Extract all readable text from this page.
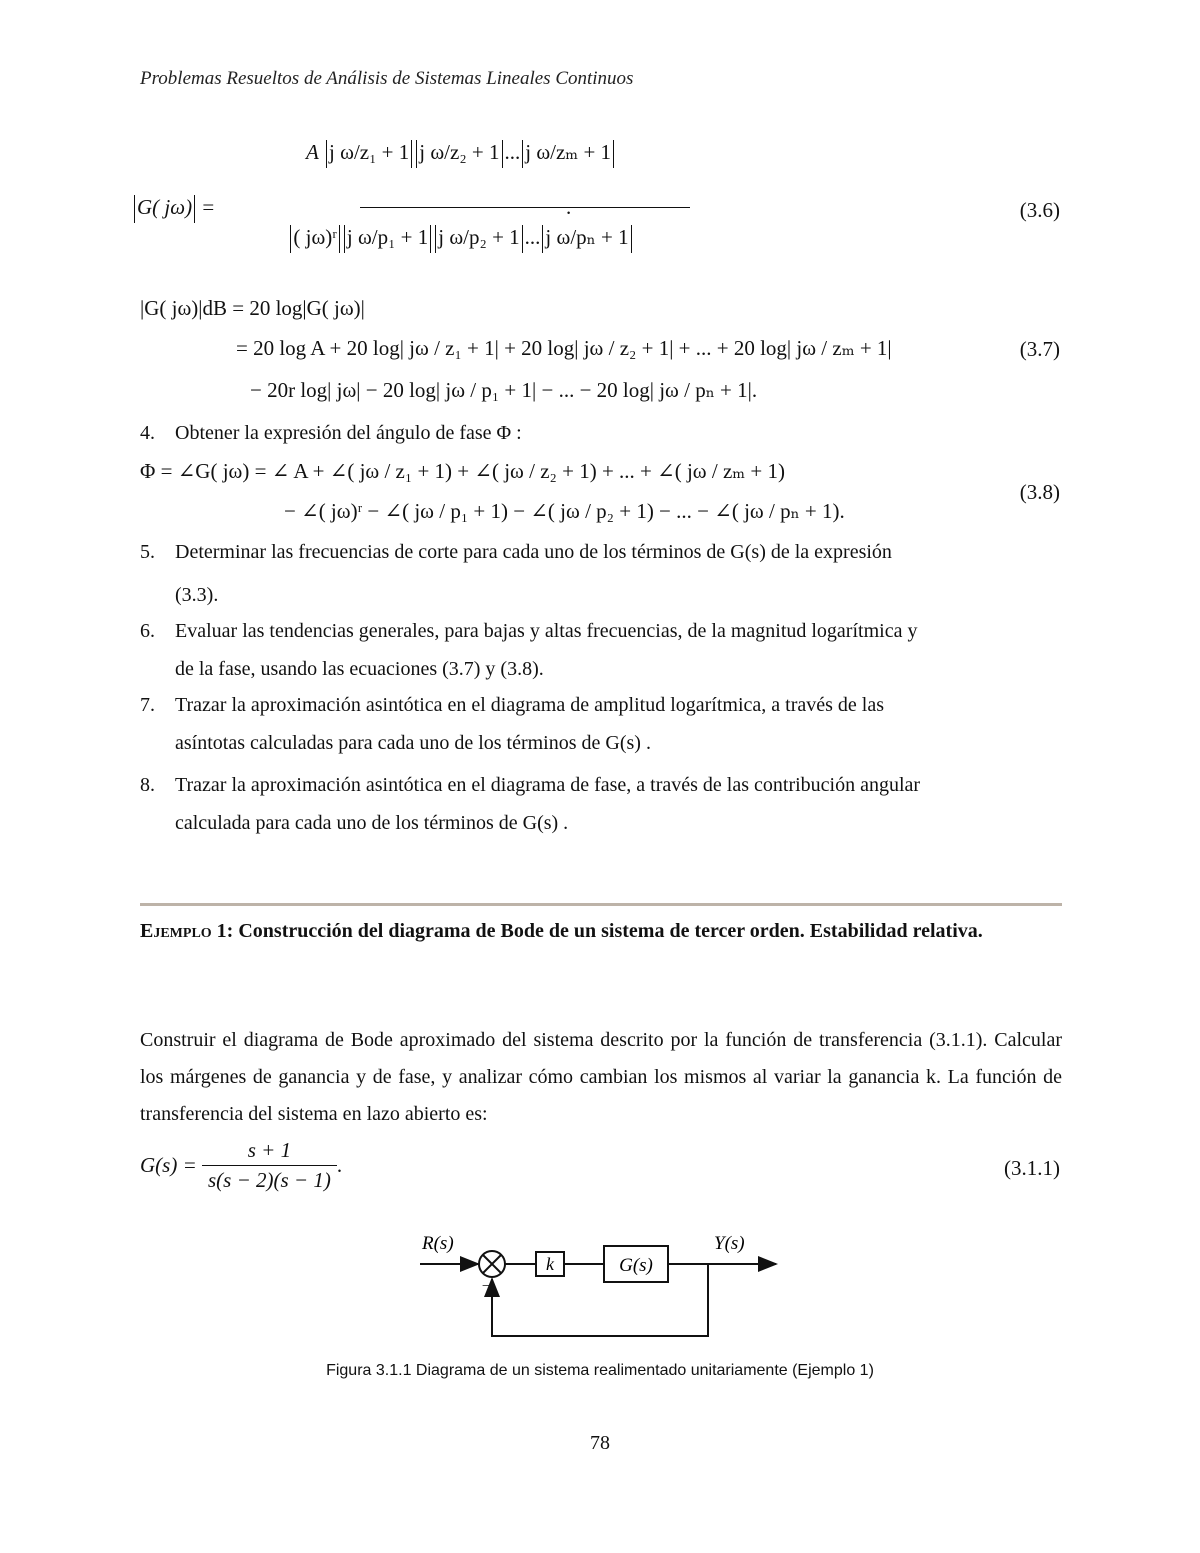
Problemas Resueltos de Análisis de Sistemas Lineales Continuos
G( jω) =
A j ω/z₁ + 1 j ω/z₂ + 1 ... j ω/zₘ + 1
( jω)ʳ j ω/p₁ + 1 j ω/p₂ + 1 ... j ω/pₙ + 1
.	(3.6)
|G( jω)|dB = 20 log|G( jω)|
= 20 log A + 20 log| jω / z₁ + 1| + 20 log| jω / z₂ + 1| + ... + 20 log| jω / zₘ + 1|
− 20r log| jω| − 20 log| jω / p₁ + 1| − ... − 20 log| jω / pₙ + 1|.
(3.7)
4. Obtener la expresión del ángulo de fase Φ :
Φ = ∠G( jω) = ∠ A + ∠( jω / z₁ + 1) + ∠( jω / z₂ + 1) + ... + ∠( jω / zₘ + 1)
− ∠( jω)ʳ − ∠( jω / p₁ + 1) − ∠( jω / p₂ + 1) − ... − ∠( jω / pₙ + 1).
(3.8)
5. Determinar las frecuencias de corte para cada uno de los términos de G(s) de la expresión
(3.3).
6. Evaluar las tendencias generales, para bajas y altas frecuencias, de la magnitud logarítmica y
de la fase, usando las ecuaciones (3.7) y (3.8).
7. Trazar la aproximación asintótica en el diagrama de amplitud logarítmica, a través de las
asíntotas calculadas para cada uno de los términos de G(s) .
8. Trazar la aproximación asintótica en el diagrama de fase, a través de las contribución angular
calculada para cada uno de los términos de G(s) .
Ejemplo 1: Construcción del diagrama de Bode de un sistema de tercer orden. Estabilidad relativa.
Construir el diagrama de Bode aproximado del sistema descrito por la función de transferencia (3.1.1). Calcular los márgenes de ganancia y de fase, y analizar cómo cambian los mismos al variar la ganancia k. La función de transferencia del sistema en lazo abierto es:
$G(s) = \frac{s + 1}{s(s - 2)(s - 1)}$ .	(3.1.1)
−
k	G(s)
R(s)	Y(s)
Figura 3.1.1 Diagrama de un sistema realimentado unitariamente (Ejemplo 1)
78
